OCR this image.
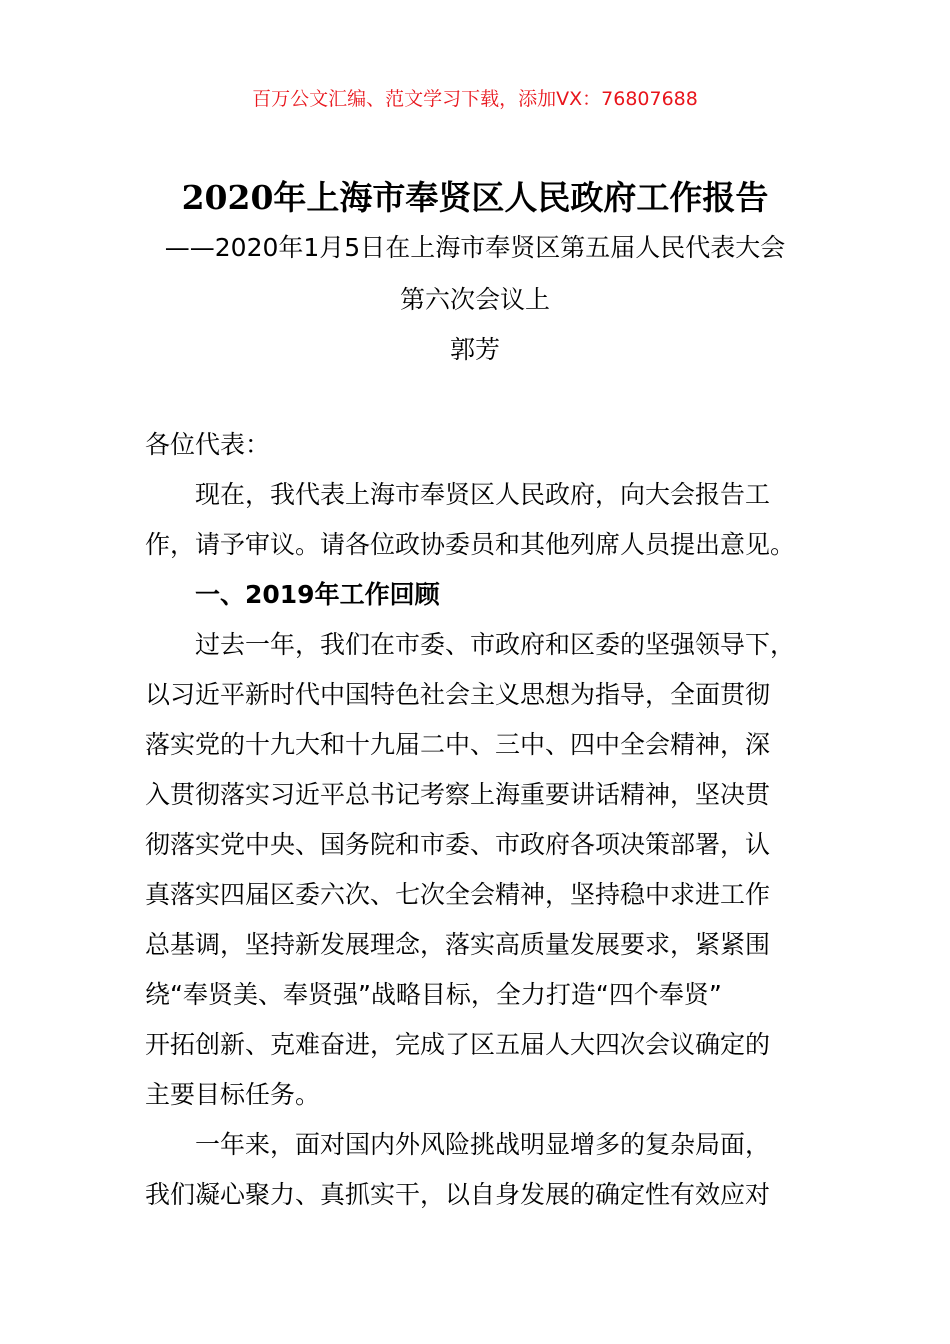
百万公文汇编、范文学习下载，添加VX：76807688
2020年上海市奉贤区人民政府工作报告
——2020年1月5日在上海市奉贤区第五届人民代表大会
第六次会议上
郭芳
各位代表：
现在，我代表上海市奉贤区人民政府，向大会报告工
作，请予审议。请各位政协委员和其他列席人员提出意见。
一、2019年工作回顾
过去一年，我们在市委、市政府和区委的坚强领导下，
以习近平新时代中国特色社会主义思想为指导，全面贯彻
落实党的十九大和十九届二中、三中、四中全会精神，深
入贯彻落实习近平总书记考察上海重要讲话精神，坚决贯
彻落实党中央、国务院和市委、市政府各项决策部署，认
真落实四届区委六次、七次全会精神，坚持稳中求进工作
总基调，坚持新发展理念，落实高质量发展要求，紧紧围
绕“奉贤美、奉贤强”战略目标，全力打造“四个奉贤”
开拓创新、克难奋进，完成了区五届人大四次会议确定的
主要目标任务。
一年来，面对国内外风险挑战明显增多的复杂局面，
我们凝心聚力、真抓实干，以自身发展的确定性有效应对
